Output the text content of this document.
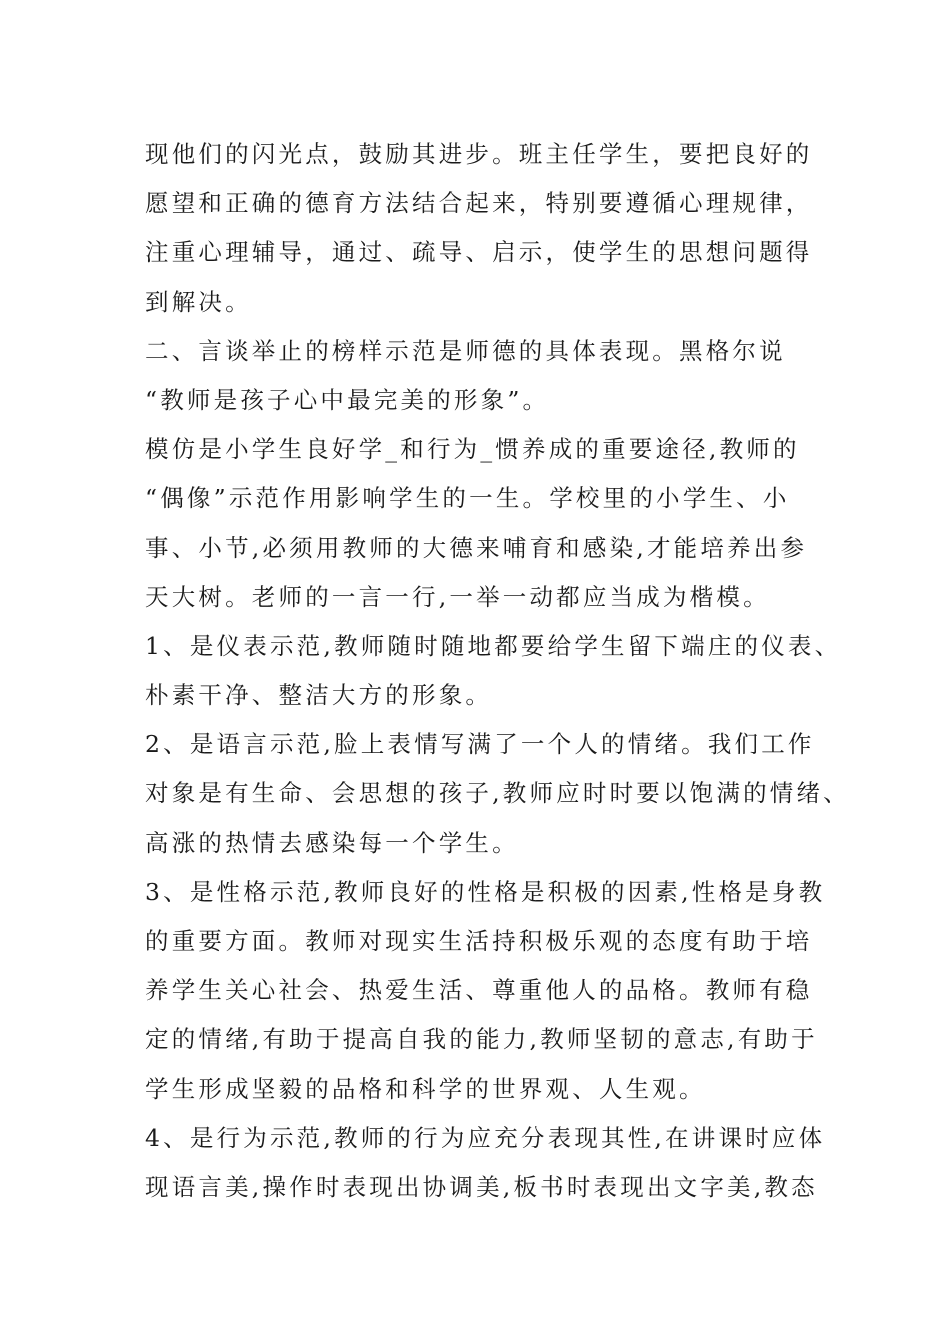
现他们的闪光点，鼓励其进步。班主任学生，要把良好的
愿望和正确的德育方法结合起来，特别要遵循心理规律，
注重心理辅导，通过、疏导、启示，使学生的思想问题得
到解决。
二、言谈举止的榜样示范是师德的具体表现。黑格尔说
“教师是孩子心中最完美的形象”。
模仿是小学生良好学_和行为_惯养成的重要途径,教师的
“偶像”示范作用影响学生的一生。学校里的小学生、小
事、小节,必须用教师的大德来哺育和感染,才能培养出参
天大树。老师的一言一行,一举一动都应当成为楷模。
1、是仪表示范,教师随时随地都要给学生留下端庄的仪表、
朴素干净、整洁大方的形象。
2、是语言示范,脸上表情写满了一个人的情绪。我们工作
对象是有生命、会思想的孩子,教师应时时要以饱满的情绪、
高涨的热情去感染每一个学生。
3、是性格示范,教师良好的性格是积极的因素,性格是身教
的重要方面。教师对现实生活持积极乐观的态度有助于培
养学生关心社会、热爱生活、尊重他人的品格。教师有稳
定的情绪,有助于提高自我的能力,教师坚韧的意志,有助于
学生形成坚毅的品格和科学的世界观、人生观。
4、是行为示范,教师的行为应充分表现其性,在讲课时应体
现语言美,操作时表现出协调美,板书时表现出文字美,教态
